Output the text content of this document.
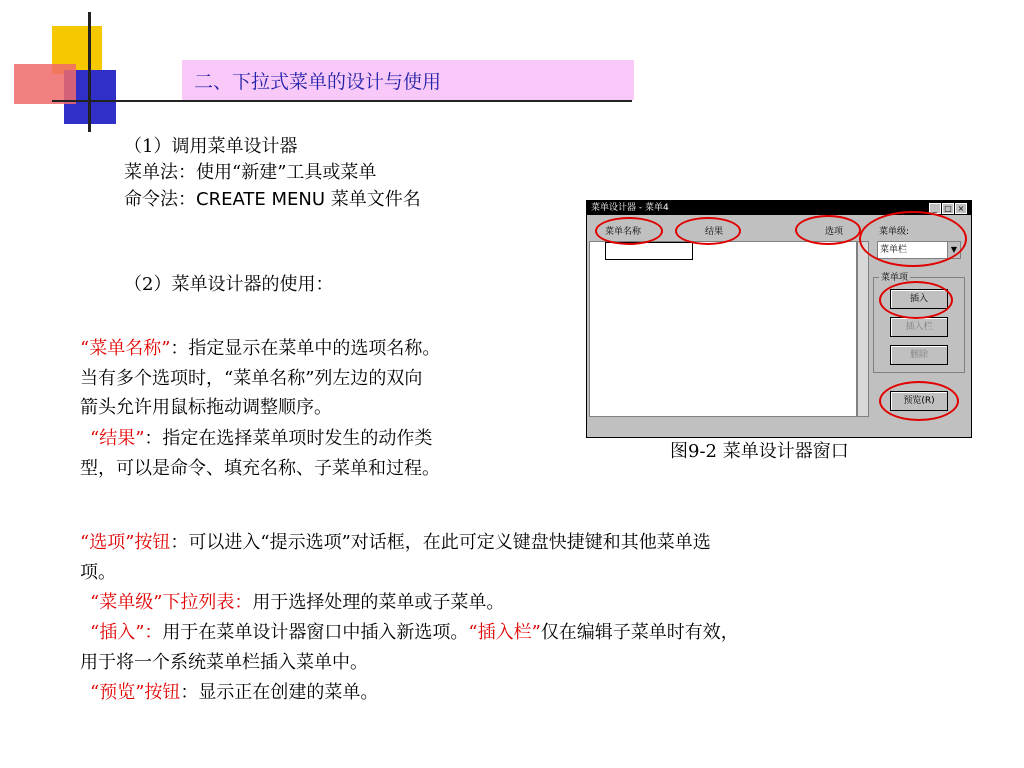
二、下拉式菜单的设计与使用
（1）调用菜单设计器
菜单法：使用“新建”工具或菜单
命令法：CREATE MENU 菜单文件名
（2）菜单设计器的使用：
“菜单名称”：指定显示在菜单中的选项名称。
当有多个选项时，“菜单名称”列左边的双向
箭头允许用鼠标拖动调整顺序。
“结果”：指定在选择菜单项时发生的动作类
型，可以是命令、填充名称、子菜单和过程。
“选项”按钮：可以进入“提示选项”对话框，在此可定义键盘快捷键和其他菜单选
项。
“菜单级”下拉列表：用于选择处理的菜单或子菜单。
“插入”：用于在菜单设计器窗口中插入新选项。“插入栏”仅在编辑子菜单时有效，
用于将一个系统菜单栏插入菜单中。
“预览”按钮：显示正在创建的菜单。
菜单设计器 - 菜单4	_ □ ×
菜单名称	结果	选项	菜单级:
菜单栏	▼
菜单项
插入
插入栏
删除
预览(R)
图9-2 菜单设计器窗口
